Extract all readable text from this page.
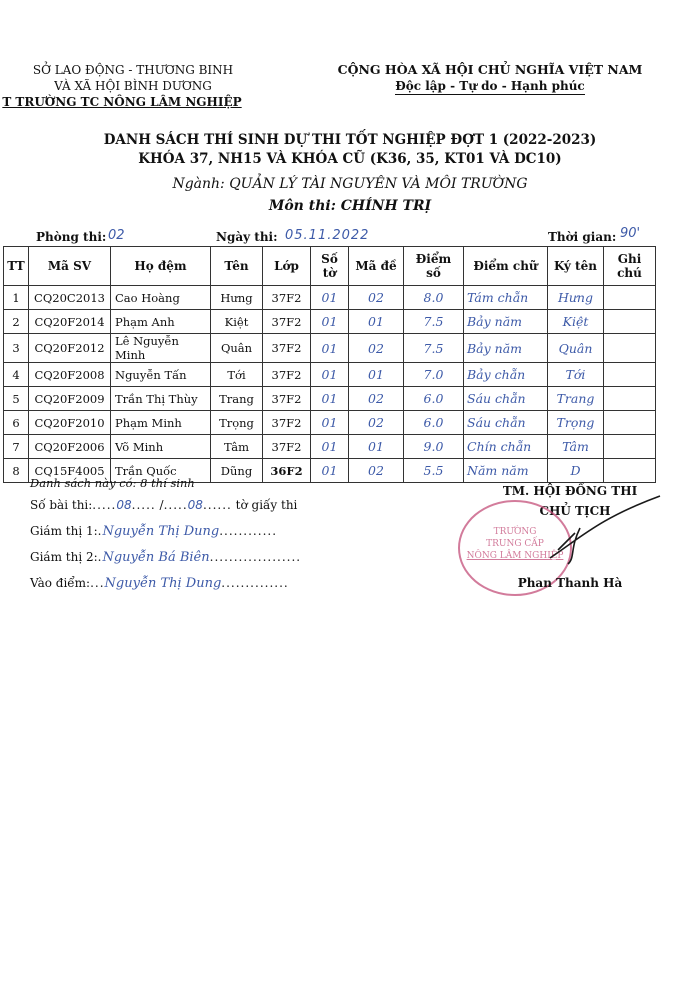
SỞ LAO ĐỘNG - THƯƠNG BINH
VÀ XÃ HỘI BÌNH DƯƠNG
T TRƯỜNG TC NÔNG LÂM NGHIỆP
CỘNG HÒA XÃ HỘI CHỦ NGHĨA VIỆT NAM
Độc lập - Tự do - Hạnh phúc
DANH SÁCH THÍ SINH DỰ THI TỐT NGHIỆP ĐỢT 1 (2022-2023)
KHÓA 37, NH15 VÀ KHÓA CŨ (K36, 35, KT01 VÀ DC10)
Ngành: QUẢN LÝ TÀI NGUYÊN VÀ MÔI TRƯỜNG
Môn thi: CHÍNH TRỊ
Phòng thi: 02	Ngày thi: 05.11.2022	Thời gian: 90'
TT	Mã SV	Họ đệm	Tên	Lớp	Số tờ	Mã đề	Điểm số	Điểm chữ	Ký tên	Ghi chú
1	CQ20C2013	Cao Hoàng	Hưng	37F2	01	02	8.0	Tám chẵn	Hưng	
2	CQ20F2014	Phạm Anh	Kiệt	37F2	01	01	7.5	Bảy năm	Kiệt	
3	CQ20F2012	Lê Nguyễn Minh	Quân	37F2	01	02	7.5	Bảy năm	Quân	
4	CQ20F2008	Nguyễn Tấn	Tới	37F2	01	01	7.0	Bảy chẵn	Tới	
5	CQ20F2009	Trần Thị Thùy	Trang	37F2	01	02	6.0	Sáu chẵn	Trang	
6	CQ20F2010	Phạm Minh	Trọng	37F2	01	02	6.0	Sáu chẵn	Trọng	
7	CQ20F2006	Võ Minh	Tâm	37F2	01	01	9.0	Chín chẵn	Tâm	
8	CQ15F4005	Trần Quốc	Dũng	36F2	01	02	5.5	Năm năm	D	
Danh sách này có: 8 thí sinh
Số bài thi:.....08..... /.....08...... tờ giấy thi
Giám thị 1:.Nguyễn Thị Dung............
Giám thị 2:.Nguyễn Bá Biên...................
Vào điểm:...Nguyễn Thị Dung..............
TM. HỘI ĐỒNG THI
CHỦ TỊCH
TRƯỜNG
TRUNG CẤP
NÔNG LÂM NGHIỆP
Phan Thanh Hà
